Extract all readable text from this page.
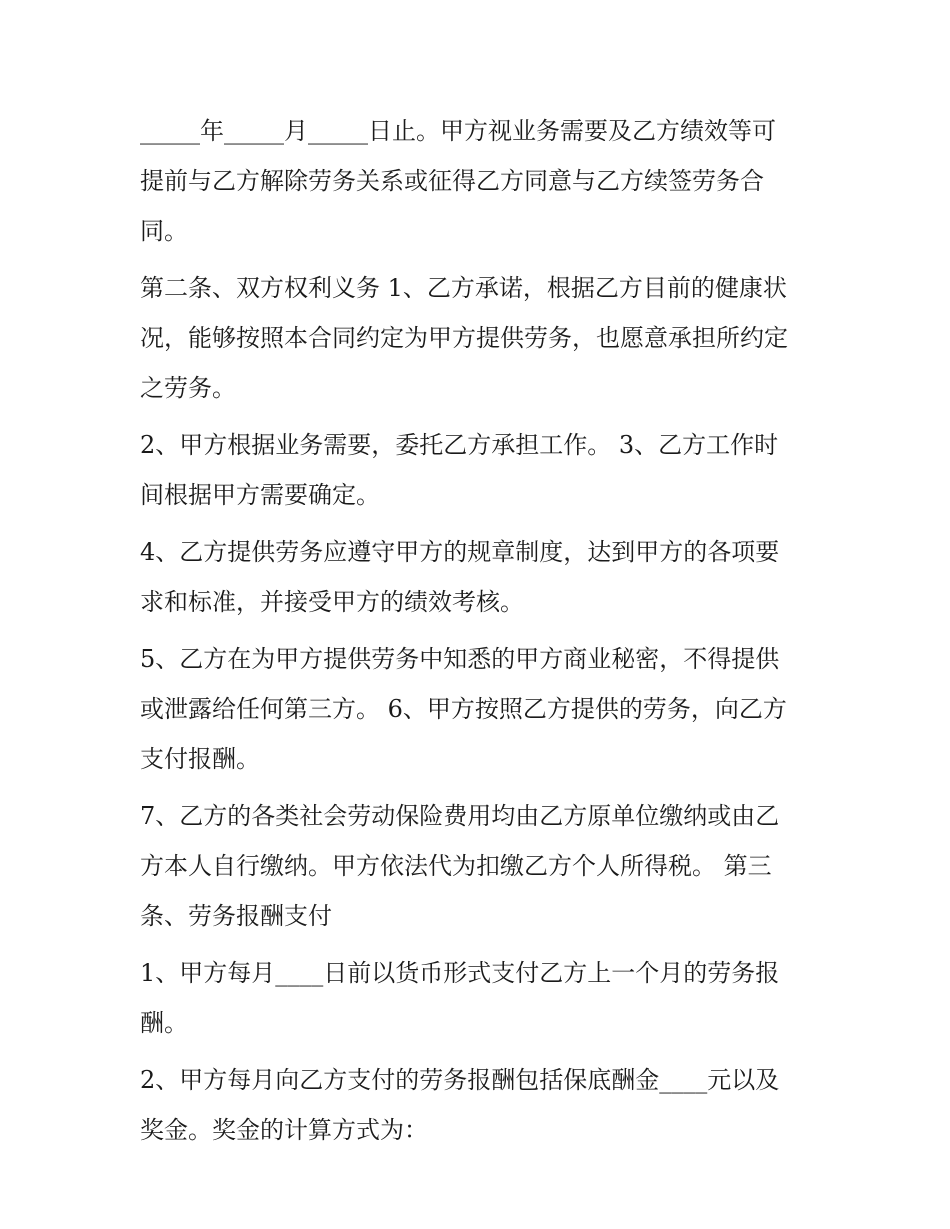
_____年_____月_____日止。甲方视业务需要及乙方绩效等可
提前与乙方解除劳务关系或征得乙方同意与乙方续签劳务合
同。
第二条、双方权利义务 1、乙方承诺，根据乙方目前的健康状
况，能够按照本合同约定为甲方提供劳务，也愿意承担所约定
之劳务。
2、甲方根据业务需要，委托乙方承担工作。 3、乙方工作时
间根据甲方需要确定。
4、乙方提供劳务应遵守甲方的规章制度，达到甲方的各项要
求和标准，并接受甲方的绩效考核。
5、乙方在为甲方提供劳务中知悉的甲方商业秘密，不得提供
或泄露给任何第三方。 6、甲方按照乙方提供的劳务，向乙方
支付报酬。
7、乙方的各类社会劳动保险费用均由乙方原单位缴纳或由乙
方本人自行缴纳。甲方依法代为扣缴乙方个人所得税。 第三
条、劳务报酬支付
1、甲方每月____日前以货币形式支付乙方上一个月的劳务报
酬。
2、甲方每月向乙方支付的劳务报酬包括保底酬金____元以及
奖金。奖金的计算方式为：
